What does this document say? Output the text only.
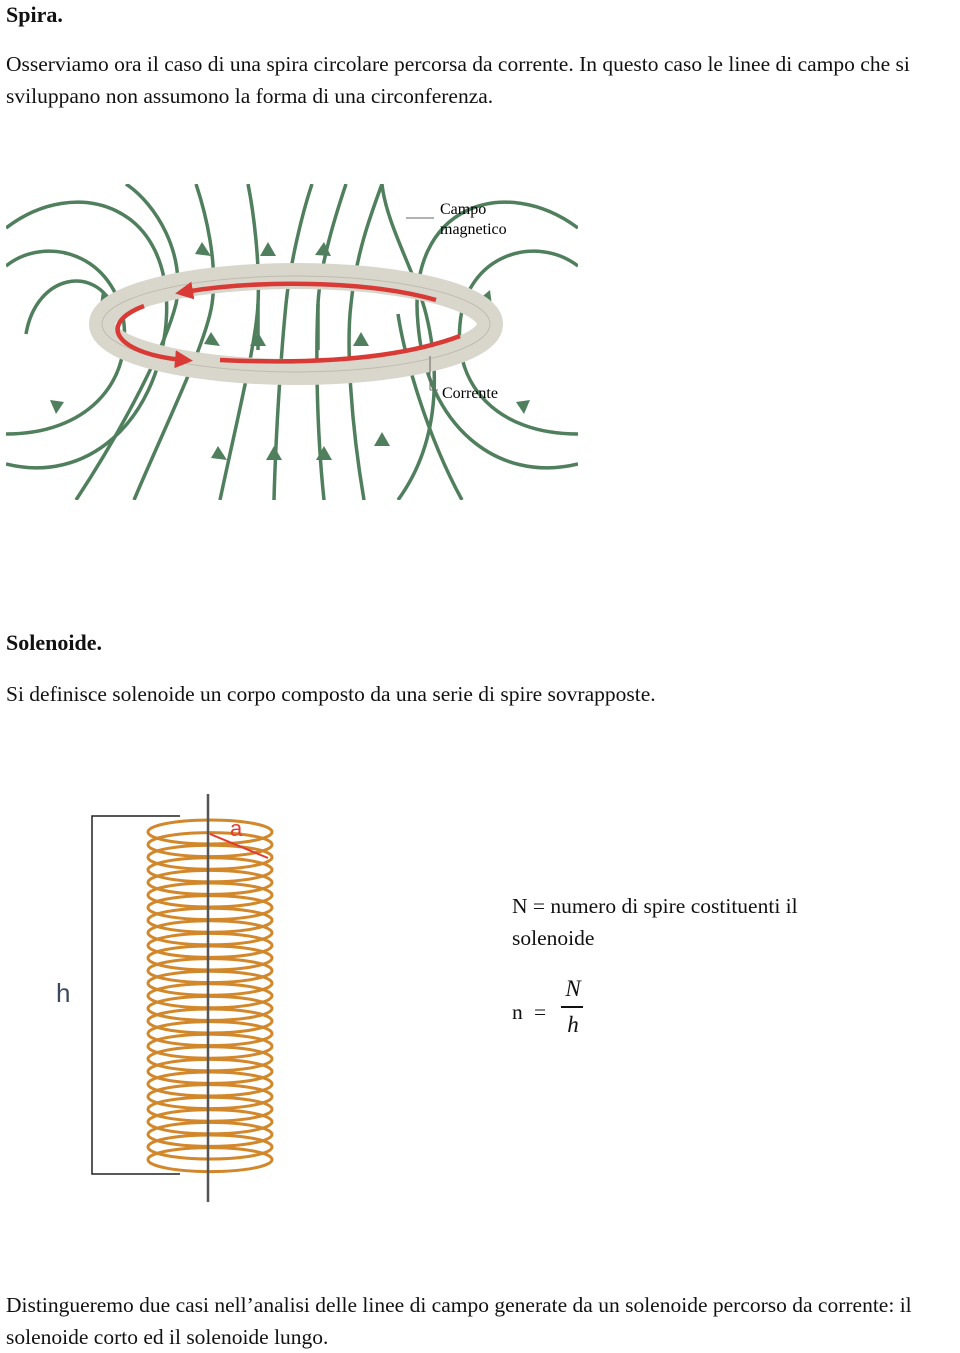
Spira.
Osserviamo ora il caso di una spira circolare percorsa da corrente. In questo caso le linee di campo che si sviluppano non assumono la forma di una circonferenza.
Campo
magnetico
Corrente
Solenoide.
Si definisce solenoide un corpo composto da una serie di spire sovrapposte.
h
a
N = numero di spire costituenti il solenoide
n =
N
h
Distingueremo due casi nell’analisi delle linee di campo generate da un solenoide percorso da corrente: il solenoide corto ed il solenoide lungo.
